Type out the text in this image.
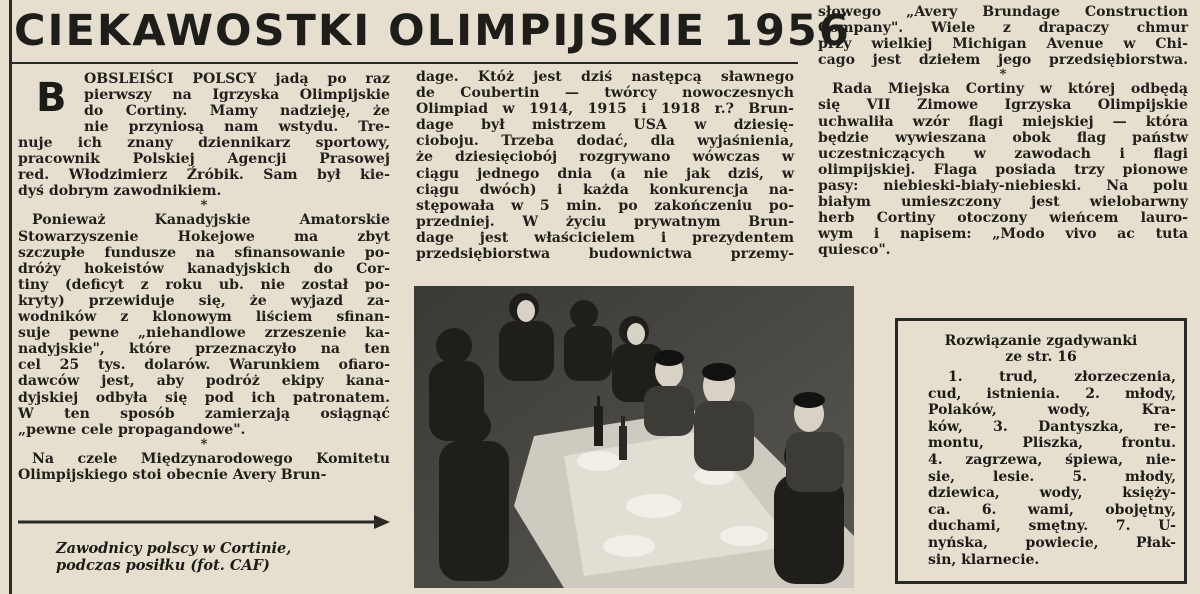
CIEKAWOSTKI OLIMPIJSKIE 1956
B OBSLEIŚCI POLSCY jadą po raz
pierwszy na Igrzyska Olimpijskie
do Cortiny. Mamy nadzieję, że
nie przyniosą nam wstydu. Tre-
nuje ich znany dziennikarz sportowy,
pracownik Polskiej Agencji Prasowej
red. Włodzimierz Źróbik. Sam był kie-
dyś dobrym zawodnikiem.
*
Ponieważ Kanadyjskie Amatorskie
Stowarzyszenie Hokejowe ma zbyt
szczupłe fundusze na sfinansowanie po-
dróży hokeistów kanadyjskich do Cor-
tiny (deficyt z roku ub. nie został po-
kryty) przewiduje się, że wyjazd za-
wodników z klonowym liściem sfinan-
suje pewne „niehandlowe zrzeszenie ka-
nadyjskie", które przeznaczyło na ten
cel 25 tys. dolarów. Warunkiem ofiaro-
dawców jest, aby podróż ekipy kana-
dyjskiej odbyła się pod ich patronatem.
W ten sposób zamierzają osiągnąć
„pewne cele propagandowe".
*
Na czele Międzynarodowego Komitetu
Olimpijskiego stoi obecnie Avery Brun-
Zawodnicy polscy w Cortinie,
podczas posiłku (fot. CAF)
dage. Któż jest dziś następcą sławnego
de Coubertin — twórcy nowoczesnych
Olimpiad w 1914, 1915 i 1918 r.? Brun-
dage był mistrzem USA w dziesię-
cioboju. Trzeba dodać, dla wyjaśnienia,
że dziesięciobój rozgrywano wówczas w
ciągu jednego dnia (a nie jak dziś, w
ciągu dwóch) i każda konkurencja na-
stępowała w 5 min. po zakończeniu po-
przedniej. W życiu prywatnym Brun-
dage jest właścicielem i prezydentem
przedsiębiorstwa budownictwa przemy-
słowego „Avery Brundage Construction
Company". Wiele z drapaczy chmur
przy wielkiej Michigan Avenue w Chi-
cago jest dziełem jego przedsiębiorstwa.
*
Rada Miejska Cortiny w której odbędą
się VII Zimowe Igrzyska Olimpijskie
uchwaliła wzór flagi miejskiej — która
będzie wywieszana obok flag państw
uczestniczących w zawodach i flagi
olimpijskiej. Flaga posiada trzy pionowe
pasy: niebieski-biały-niebieski. Na polu
białym umieszczony jest wielobarwny
herb Cortiny otoczony wieńcem lauro-
wym i napisem: „Modo vivo ac tuta
quiesco".
Rozwiązanie zgadywanki
ze str. 16
1. trud, złorzeczenia,
cud, istnienia. 2. młody,
Polaków, wody, Kra-
ków, 3. Dantyszka, re-
montu, Pliszka, frontu.
4. zagrzewa, śpiewa, nie-
sie, lesie. 5. młody,
dziewica, wody, księży-
ca. 6. wami, obojętny,
duchami, smętny. 7. U-
nyńska, powiecie, Płak-
sin, klarnecie.
